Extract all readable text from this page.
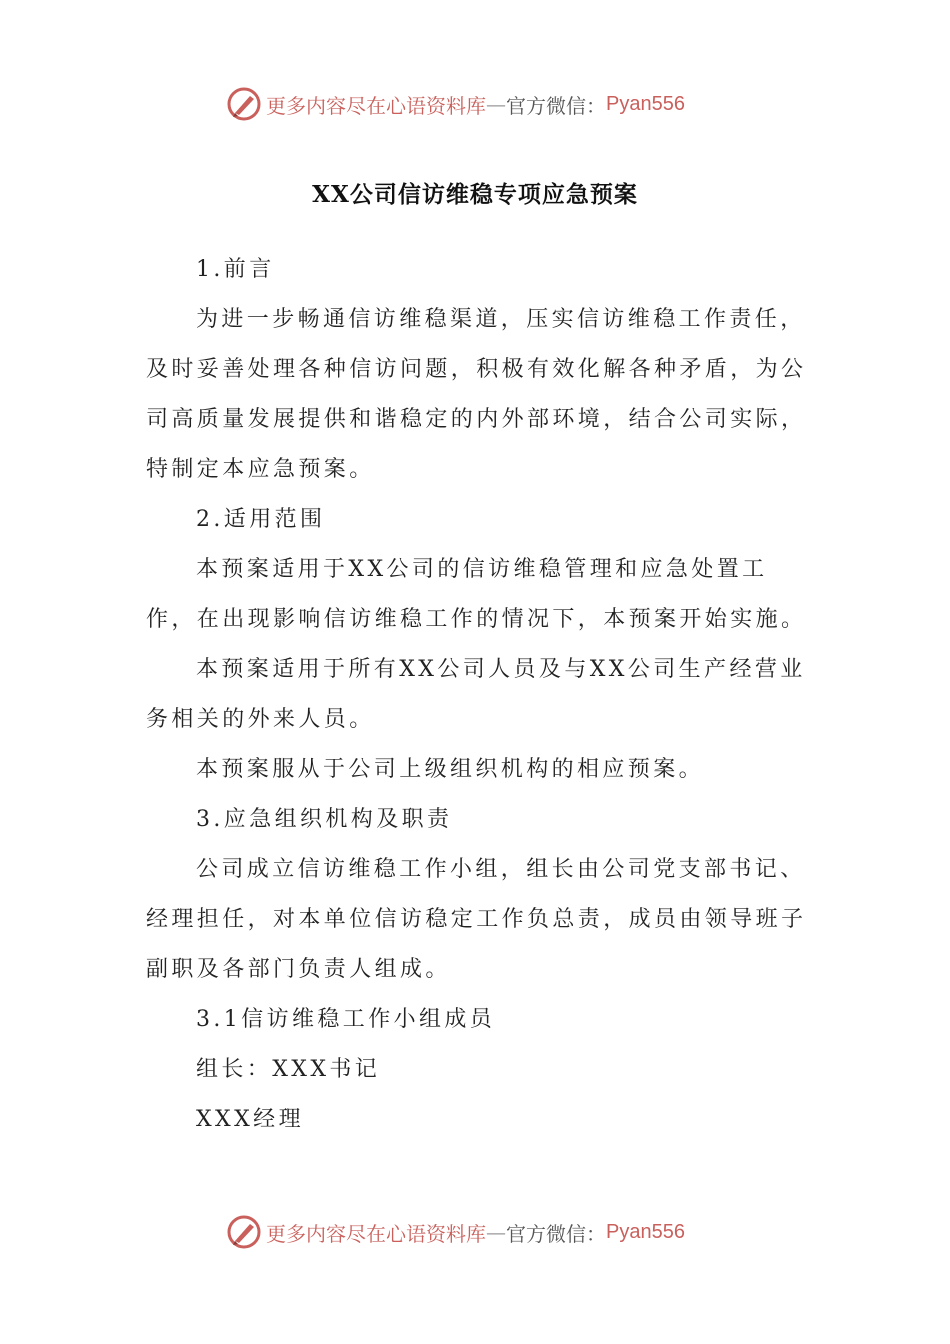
更多内容尽在心语资料库 — 官方微信： Pyan556
XX公司信访维稳专项应急预案

1.前言

为进一步畅通信访维稳渠道，压实信访维稳工作责任，及时妥善处理各种信访问题，积极有效化解各种矛盾，为公司高质量发展提供和谐稳定的内外部环境，结合公司实际，特制定本应急预案。

2.适用范围

本预案适用于XX公司的信访维稳管理和应急处置工作，在出现影响信访维稳工作的情况下，本预案开始实施。

本预案适用于所有XX公司人员及与XX公司生产经营业务相关的外来人员。

本预案服从于公司上级组织机构的相应预案。

3.应急组织机构及职责

公司成立信访维稳工作小组，组长由公司党支部书记、经理担任，对本单位信访稳定工作负总责，成员由领导班子副职及各部门负责人组成。

3.1信访维稳工作小组成员

组长：XXX书记

XXX经理

更多内容尽在心语资料库 — 官方微信： Pyan556
